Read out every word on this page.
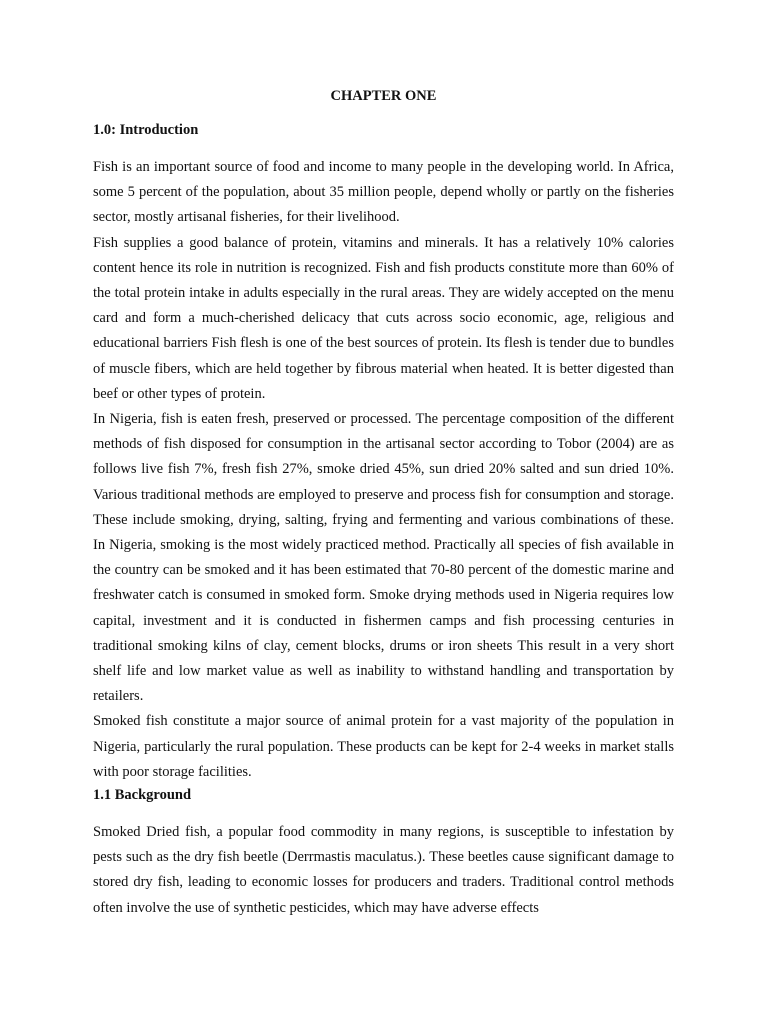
CHAPTER ONE
1.0: Introduction

Fish is an important source of food and income to many people in the developing world. In Africa, some 5 percent of the population, about 35 million people, depend wholly or partly on the fisheries sector, mostly artisanal fisheries, for their livelihood.

Fish supplies a good balance of protein, vitamins and minerals. It has a relatively 10% calories content hence its role in nutrition is recognized. Fish and fish products constitute more than 60% of the total protein intake in adults especially in the rural areas. They are widely accepted on the menu card and form a much-cherished delicacy that cuts across socio economic, age, religious and educational barriers Fish flesh is one of the best sources of protein. Its flesh is tender due to bundles of muscle fibers, which are held together by fibrous material when heated. It is better digested than beef or other types of protein.

In Nigeria, fish is eaten fresh, preserved or processed. The percentage composition of the different methods of fish disposed for consumption in the artisanal sector according to Tobor (2004) are as follows live fish 7%, fresh fish 27%, smoke dried 45%, sun dried 20% salted and sun dried 10%. Various traditional methods are employed to preserve and process fish for consumption and storage. These include smoking, drying, salting, frying and fermenting and various combinations of these. In Nigeria, smoking is the most widely practiced method. Practically all species of fish available in the country can be smoked and it has been estimated that 70-80 percent of the domestic marine and freshwater catch is consumed in smoked form. Smoke drying methods used in Nigeria requires low capital, investment and it is conducted in fishermen camps and fish processing centuries in traditional smoking kilns of clay, cement blocks, drums or iron sheets This result in a very short shelf life and low market value as well as inability to withstand handling and transportation by retailers.

Smoked fish constitute a major source of animal protein for a vast majority of the population in Nigeria, particularly the rural population. These products can be kept for 2-4 weeks in market stalls with poor storage facilities.

1.1 Background

Smoked Dried fish, a popular food commodity in many regions, is susceptible to infestation by pests such as the dry fish beetle (Derrmastis maculatus.). These beetles cause significant damage to stored dry fish, leading to economic losses for producers and traders. Traditional control methods often involve the use of synthetic pesticides, which may have adverse effects
